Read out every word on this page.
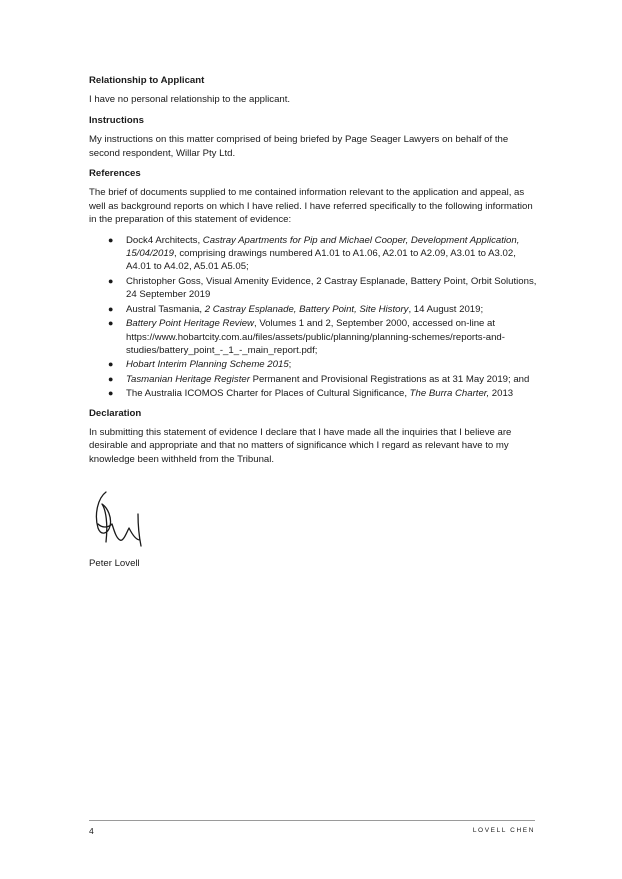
Relationship to Applicant
I have no personal relationship to the applicant.
Instructions
My instructions on this matter comprised of being briefed by Page Seager Lawyers on behalf of the second respondent, Willar Pty Ltd.
References
The brief of documents supplied to me contained information relevant to the application and appeal, as well as background reports on which I have relied. I have referred specifically to the following information in the preparation of this statement of evidence:
● Dock4 Architects, Castray Apartments for Pip and Michael Cooper, Development Application, 15/04/2019, comprising drawings numbered A1.01 to A1.06, A2.01 to A2.09, A3.01 to A3.02, A4.01 to A4.02, A5.01 A5.05;
● Christopher Goss, Visual Amenity Evidence, 2 Castray Esplanade, Battery Point, Orbit Solutions, 24 September 2019
● Austral Tasmania, 2 Castray Esplanade, Battery Point, Site History, 14 August 2019;
● Battery Point Heritage Review, Volumes 1 and 2, September 2000, accessed on-line at https://www.hobartcity.com.au/files/assets/public/planning/planning-schemes/reports-and-studies/battery_point_-_1_-_main_report.pdf;
● Hobart Interim Planning Scheme 2015;
● Tasmanian Heritage Register Permanent and Provisional Registrations as at 31 May 2019; and
● The Australia ICOMOS Charter for Places of Cultural Significance, The Burra Charter, 2013
Declaration
In submitting this statement of evidence I declare that I have made all the inquiries that I believe are desirable and appropriate and that no matters of significance which I regard as relevant have to my knowledge been withheld from the Tribunal.
Peter Lovell
4	LOVELL CHEN
